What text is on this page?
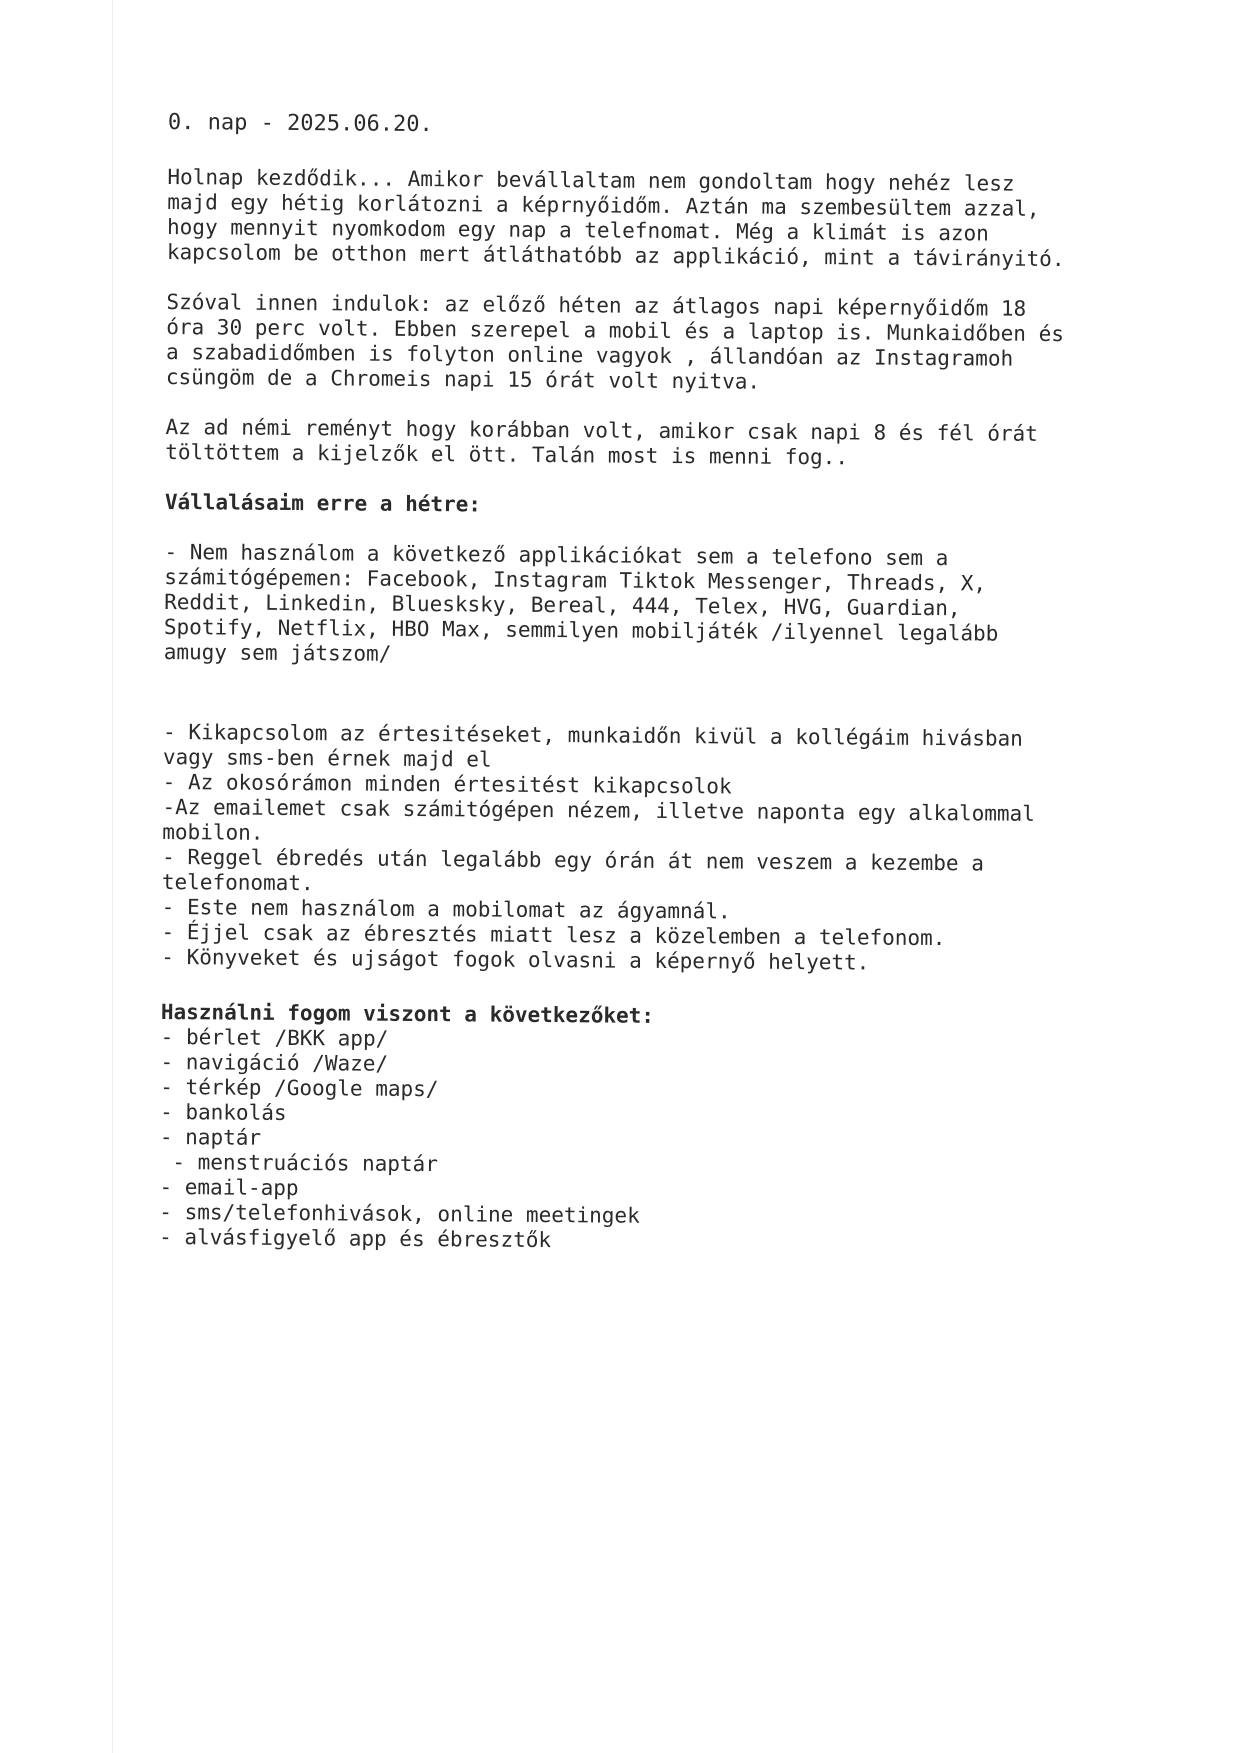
0. nap - 2025.06.20.

Holnap kezdődik... Amikor bevállaltam nem gondoltam hogy nehéz lesz majd egy hétig korlátozni a képrnyőidőm. Aztán ma szembesültem azzal, hogy mennyit nyomkodom egy nap a telefnomat. Még a klimát is azon kapcsolom be otthon mert átláthatóbb az applikáció, mint a távirányitó.

Szóval innen indulok: az előző héten az átlagos napi képernyőidőm 18 óra 30 perc volt. Ebben szerepel a mobil és a laptop is. Munkaidőben és a szabadidőmben is folyton online vagyok , állandóan az Instagramoh csüngöm de a Chromeis napi 15 órát volt nyitva.

Az ad némi reményt hogy korábban volt, amikor csak napi 8 és fél órát töltöttem a kijelzők el ött. Talán most is menni fog..

Vállalásaim erre a hétre:

- Nem használom a következő applikációkat sem a telefono sem a számitógépemen: Facebook, Instagram Tiktok Messenger, Threads, X, Reddit, Linkedin, Bluesksky, Bereal, 444, Telex, HVG, Guardian, Spotify, Netflix, HBO Max, semmilyen mobiljáték /ilyennel legalább amugy sem játszom/

- Kikapcsolom az értesitéseket, munkaidőn kivül a kollégáim hivásban vagy sms-ben érnek majd el
- Az okosórámon minden értesitést kikapcsolok
-Az emailemet csak számitógépen nézem, illetve naponta egy alkalommal mobilon.
- Reggel ébredés után legalább egy órán át nem veszem a kezembe a telefonomat.
- Este nem használom a mobilomat az ágyamnál.
- Éjjel csak az ébresztés miatt lesz a közelemben a telefonom.
- Könyveket és ujságot fogok olvasni a képernyő helyett.

Használni fogom viszont a következőket:

- bérlet /BKK app/
- navigáció /Waze/
- térkép /Google maps/
- bankolás
- naptár
- menstruációs naptár
- email-app
- sms/telefonhivások, online meetingek
- alvásfigyelő app és ébresztők
